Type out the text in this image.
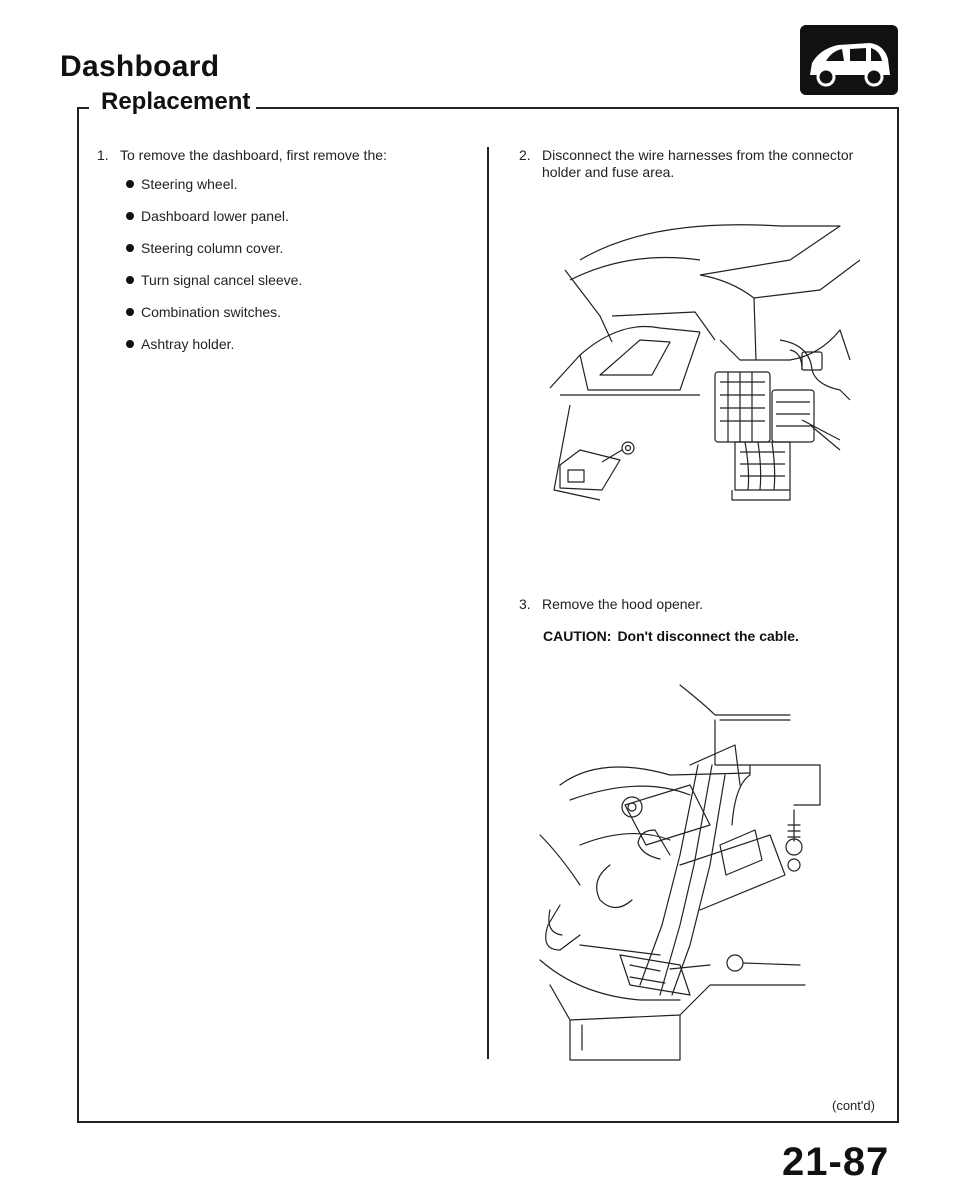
Dashboard
Replacement
1. To remove the dashboard, first remove the:
Steering wheel.
Dashboard lower panel.
Steering column cover.
Turn signal cancel sleeve.
Combination switches.
Ashtray holder.
2. Disconnect the wire harnesses from the connector
holder and fuse area.
3. Remove the hood opener.
CAUTION: Don't disconnect the cable.
(cont'd)
21-87
